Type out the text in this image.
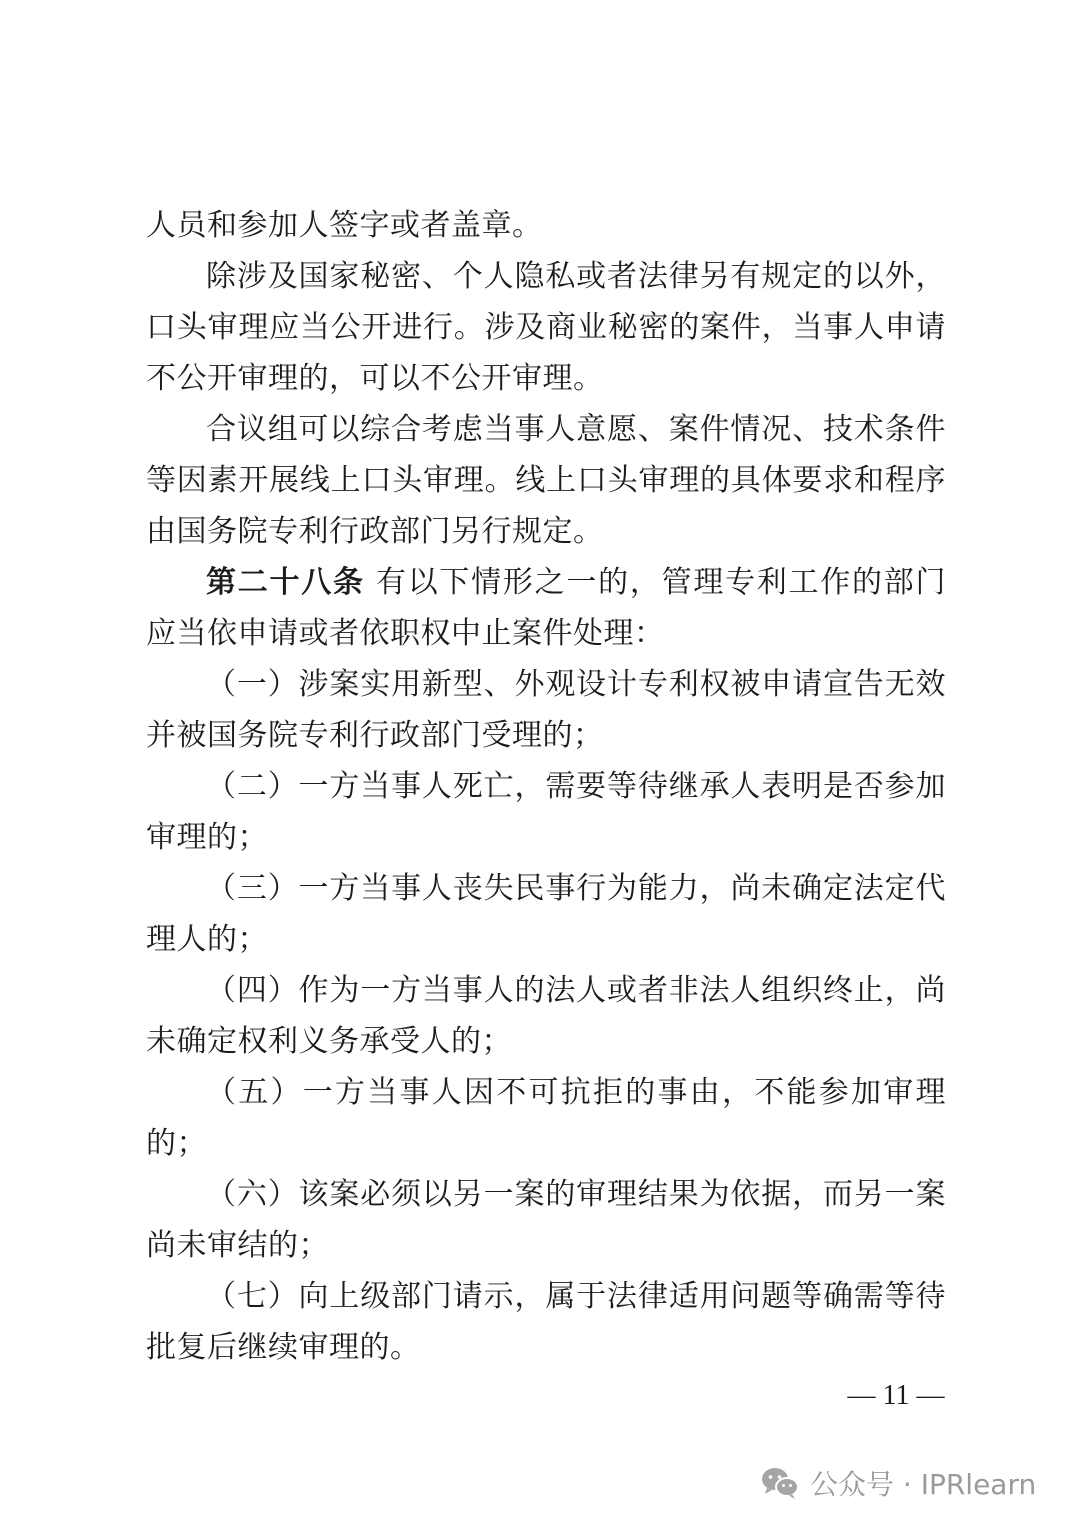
人员和参加人签字或者盖章。

除涉及国家秘密、个人隐私或者法律另有规定的以外，口头审理应当公开进行。涉及商业秘密的案件，当事人申请不公开审理的，可以不公开审理。

合议组可以综合考虑当事人意愿、案件情况、技术条件等因素开展线上口头审理。线上口头审理的具体要求和程序由国务院专利行政部门另行规定。

第二十八条 有以下情形之一的，管理专利工作的部门应当依申请或者依职权中止案件处理：

（一）涉案实用新型、外观设计专利权被申请宣告无效并被国务院专利行政部门受理的；

（二）一方当事人死亡，需要等待继承人表明是否参加审理的；

（三）一方当事人丧失民事行为能力，尚未确定法定代理人的；

（四）作为一方当事人的法人或者非法人组织终止，尚未确定权利义务承受人的；

（五）一方当事人因不可抗拒的事由，不能参加审理的；

（六）该案必须以另一案的审理结果为依据，而另一案尚未审结的；

（七）向上级部门请示，属于法律适用问题等确需等待批复后继续审理的。

— 11 —
公众号 · IPRlearn
